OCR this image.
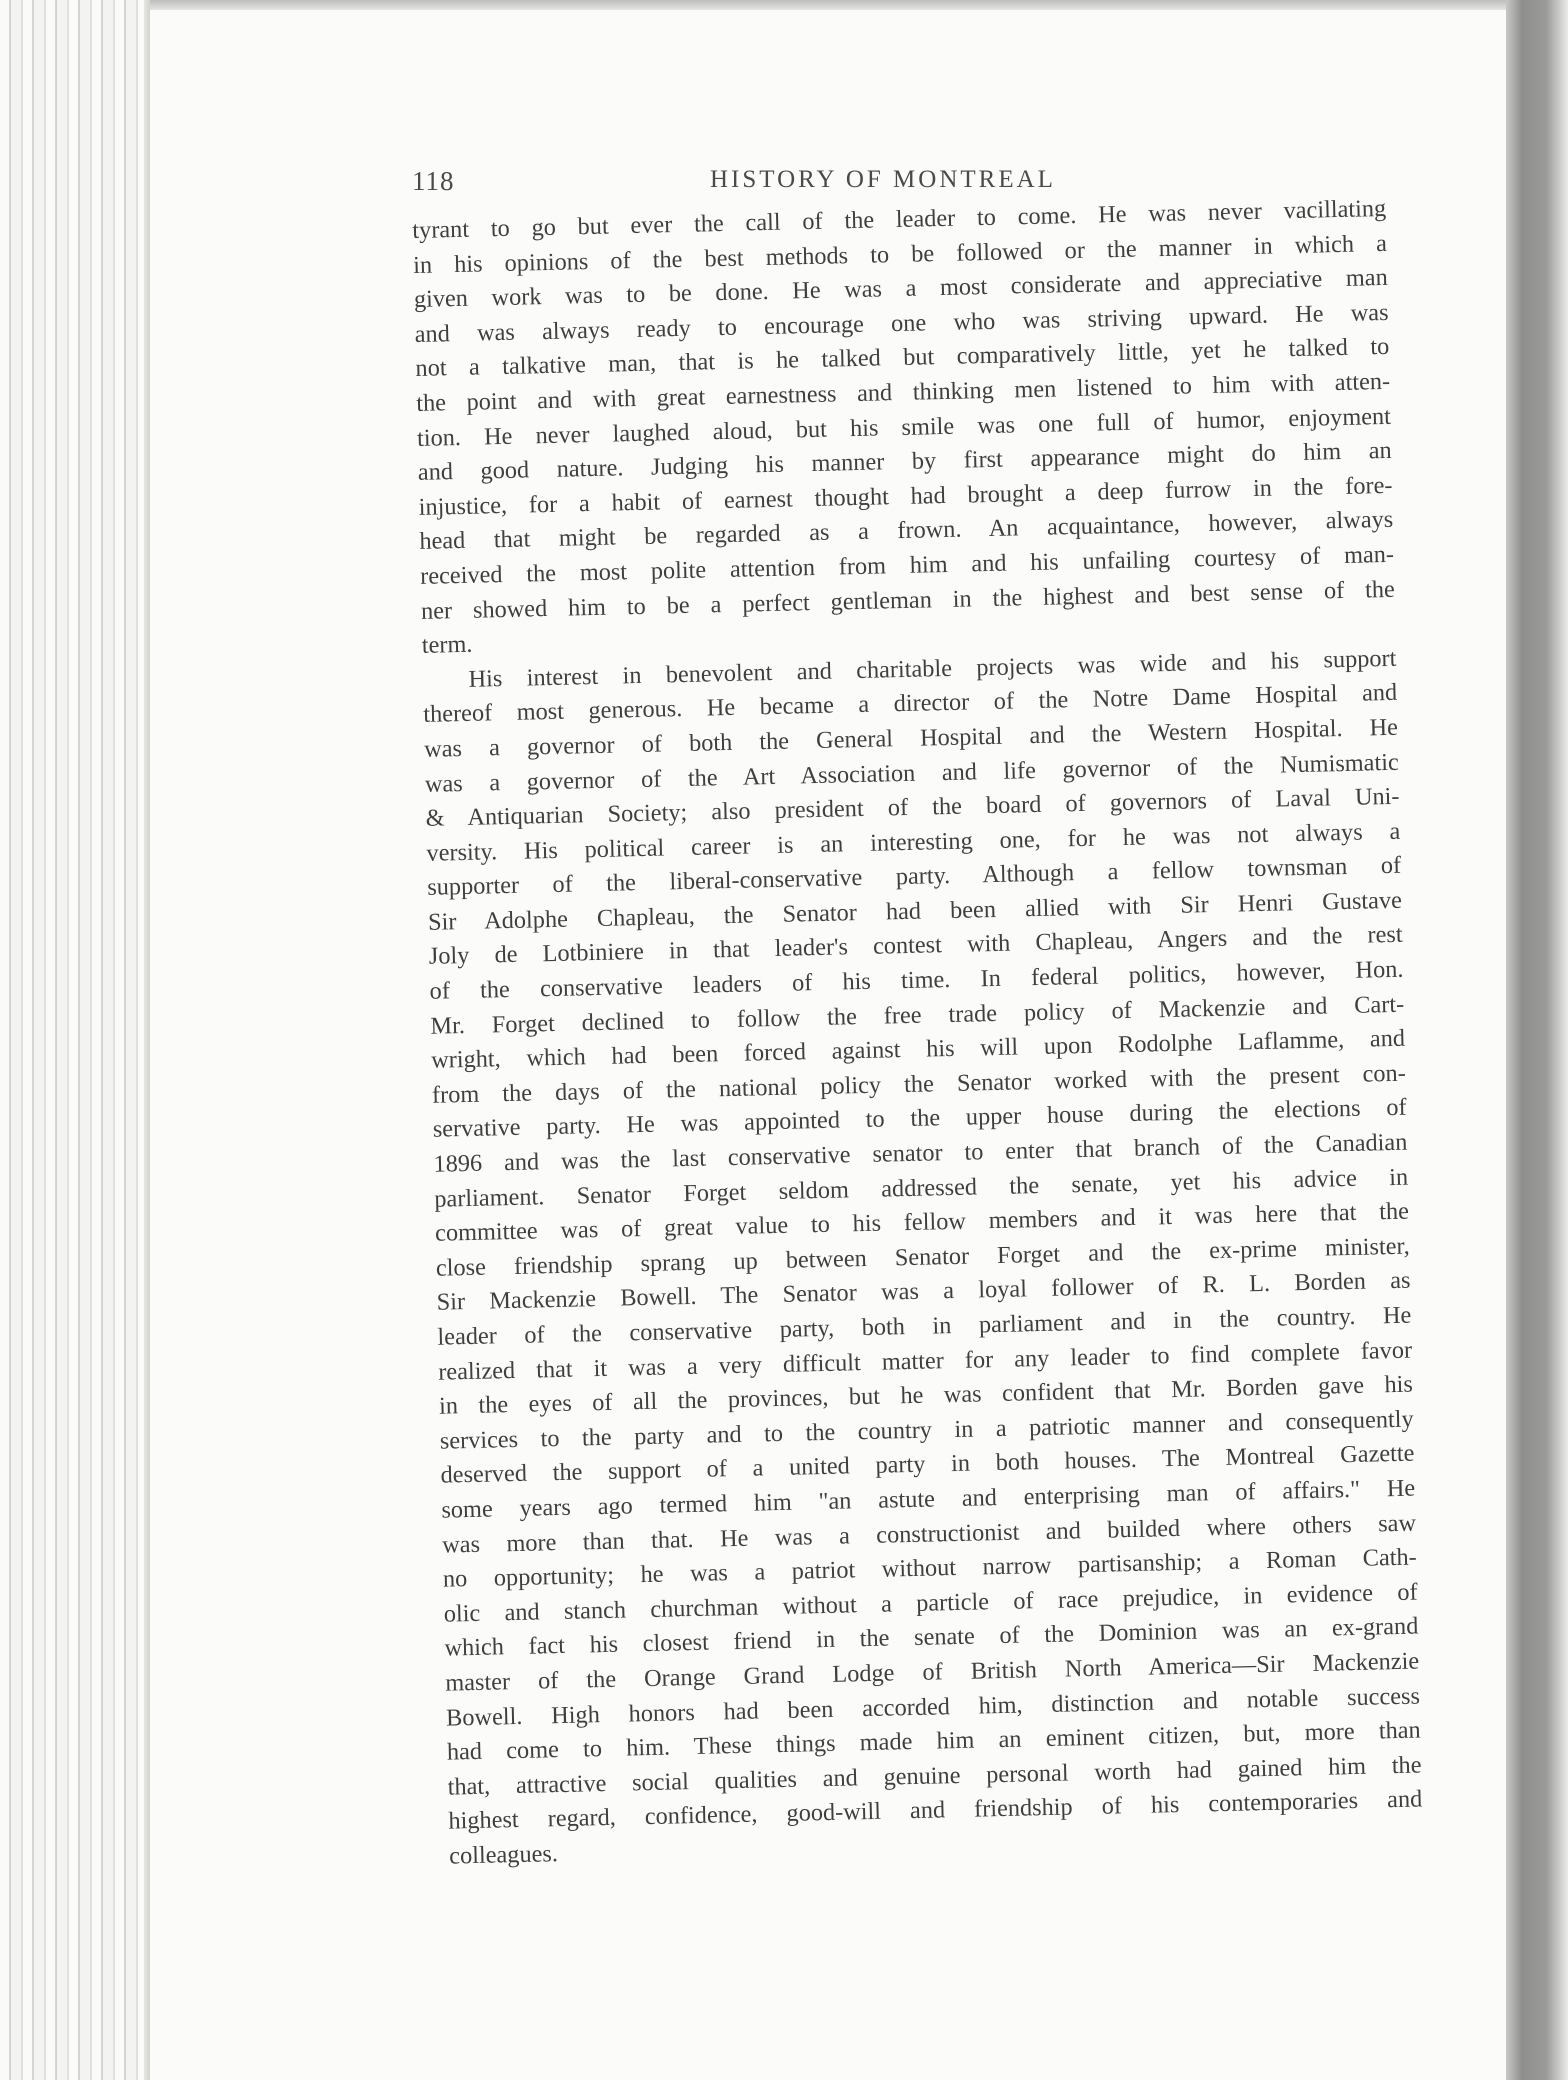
118	HISTORY OF MONTREAL
tyrant to go but ever the call of the leader to come. He was never vacillating
in his opinions of the best methods to be followed or the manner in which a
given work was to be done. He was a most considerate and appreciative man
and was always ready to encourage one who was striving upward. He was
not a talkative man, that is he talked but comparatively little, yet he talked to
the point and with great earnestness and thinking men listened to him with atten-
tion. He never laughed aloud, but his smile was one full of humor, enjoyment
and good nature. Judging his manner by first appearance might do him an
injustice, for a habit of earnest thought had brought a deep furrow in the fore-
head that might be regarded as a frown. An acquaintance, however, always
received the most polite attention from him and his unfailing courtesy of man-
ner showed him to be a perfect gentleman in the highest and best sense of the
term.
His interest in benevolent and charitable projects was wide and his support
thereof most generous. He became a director of the Notre Dame Hospital and
was a governor of both the General Hospital and the Western Hospital. He
was a governor of the Art Association and life governor of the Numismatic
& Antiquarian Society; also president of the board of governors of Laval Uni-
versity. His political career is an interesting one, for he was not always a
supporter of the liberal-conservative party. Although a fellow townsman of
Sir Adolphe Chapleau, the Senator had been allied with Sir Henri Gustave
Joly de Lotbiniere in that leader's contest with Chapleau, Angers and the rest
of the conservative leaders of his time. In federal politics, however, Hon.
Mr. Forget declined to follow the free trade policy of Mackenzie and Cart-
wright, which had been forced against his will upon Rodolphe Laflamme, and
from the days of the national policy the Senator worked with the present con-
servative party. He was appointed to the upper house during the elections of
1896 and was the last conservative senator to enter that branch of the Canadian
parliament. Senator Forget seldom addressed the senate, yet his advice in
committee was of great value to his fellow members and it was here that the
close friendship sprang up between Senator Forget and the ex-prime minister,
Sir Mackenzie Bowell. The Senator was a loyal follower of R. L. Borden as
leader of the conservative party, both in parliament and in the country. He
realized that it was a very difficult matter for any leader to find complete favor
in the eyes of all the provinces, but he was confident that Mr. Borden gave his
services to the party and to the country in a patriotic manner and consequently
deserved the support of a united party in both houses. The Montreal Gazette
some years ago termed him "an astute and enterprising man of affairs." He
was more than that. He was a constructionist and builded where others saw
no opportunity; he was a patriot without narrow partisanship; a Roman Cath-
olic and stanch churchman without a particle of race prejudice, in evidence of
which fact his closest friend in the senate of the Dominion was an ex-grand
master of the Orange Grand Lodge of British North America—Sir Mackenzie
Bowell. High honors had been accorded him, distinction and notable success
had come to him. These things made him an eminent citizen, but, more than
that, attractive social qualities and genuine personal worth had gained him the
highest regard, confidence, good-will and friendship of his contemporaries and
colleagues.
